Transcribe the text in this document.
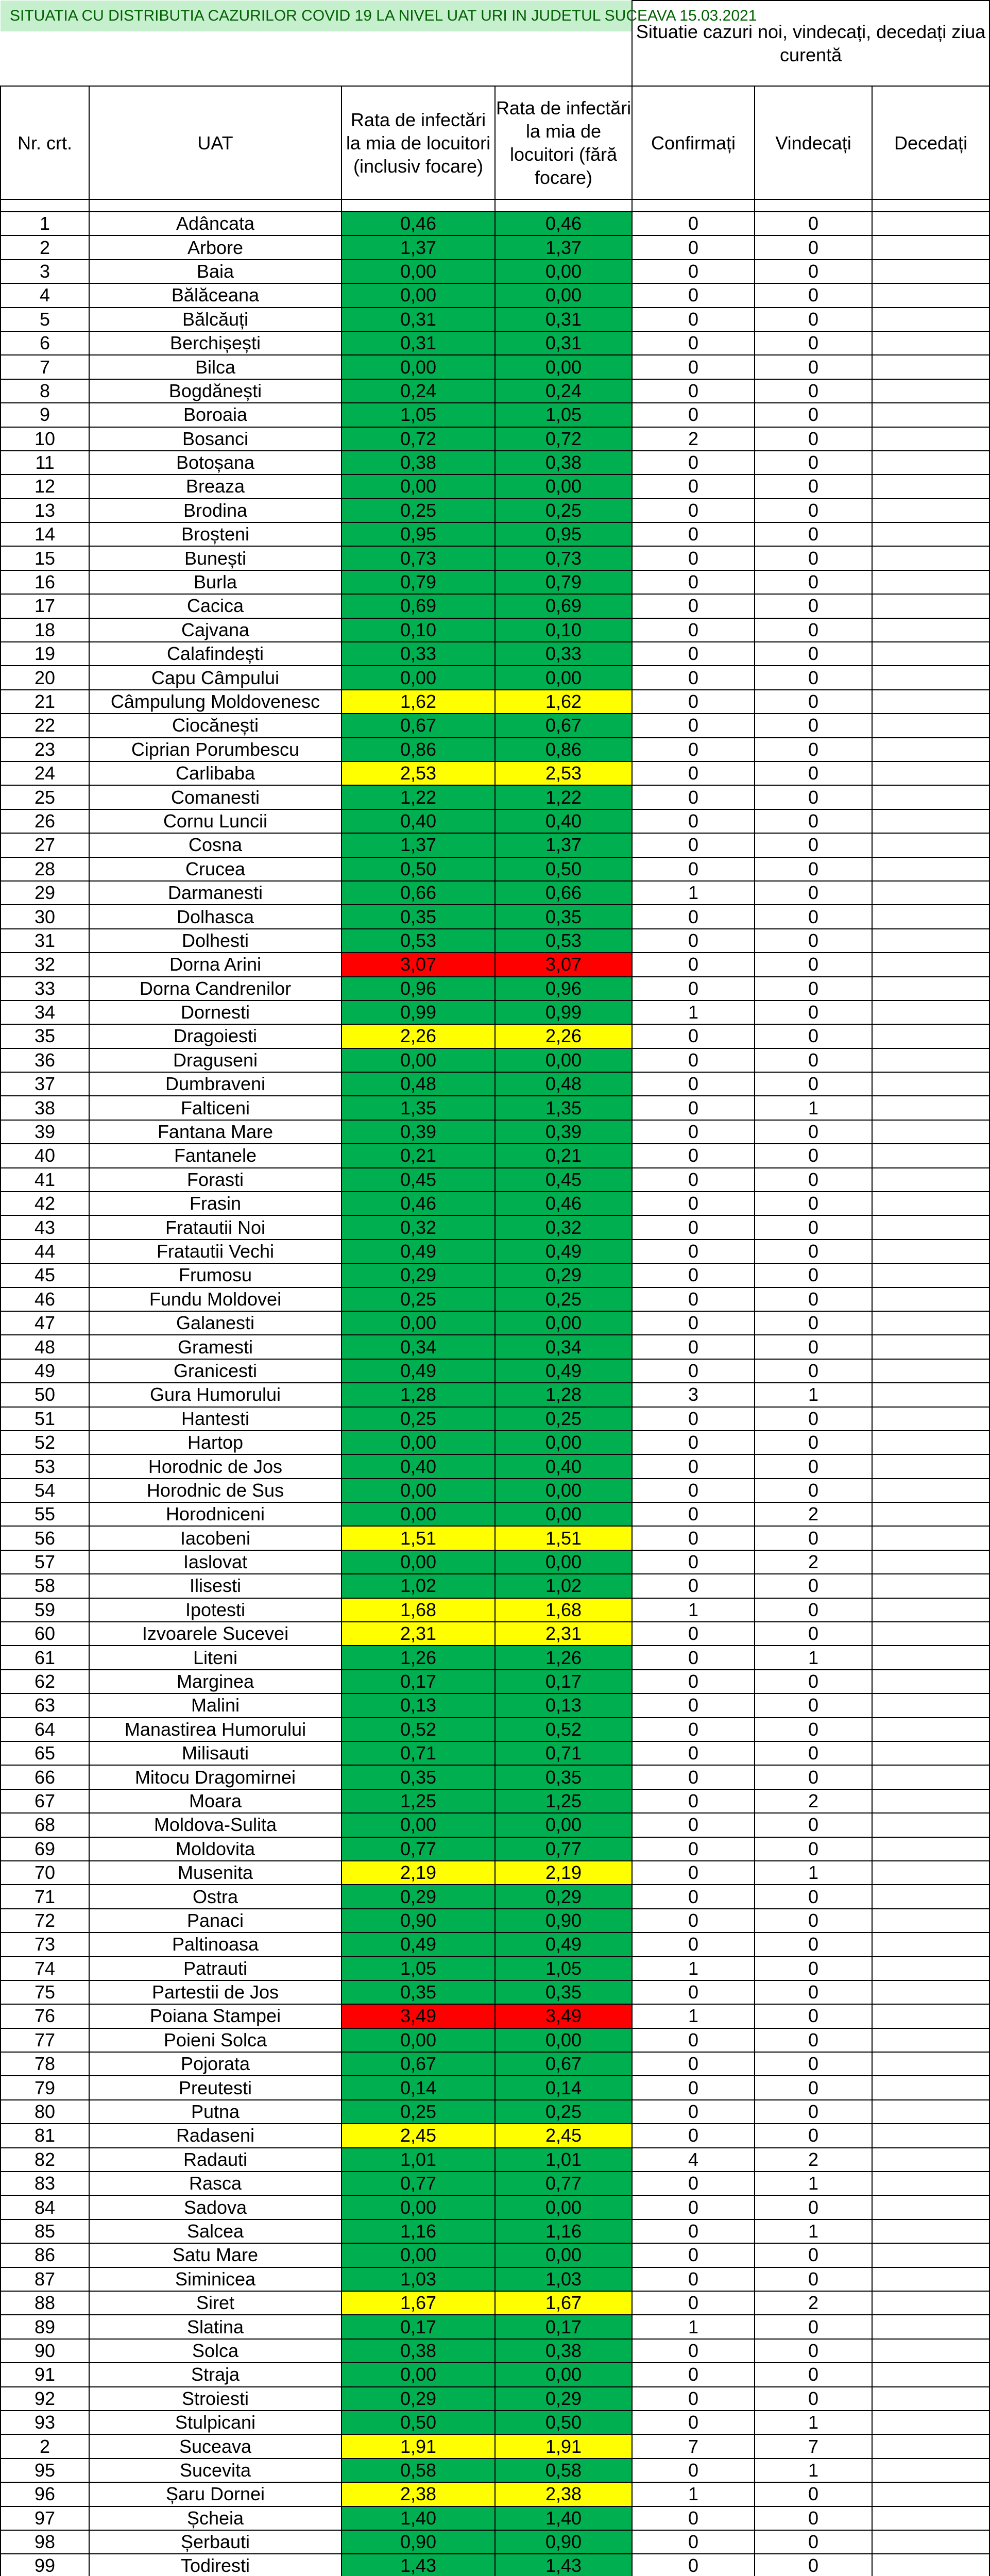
SITUATIA CU DISTRIBUTIA CAZURILOR COVID 19 LA NIVEL UAT URI IN JUDETUL SUCEAVA 15.03.2021				Situatie cazuri noi, vindecați, decedați ziua curentă		

Nr. crt.	UAT	Rata de infectări la mia de locuitori (inclusiv focare)	Rata de infectări la mia de locuitori (fără focare)	Confirmați	Vindecați	Decedați

1	Adâncata	0,46	0,46	0	0	
2	Arbore	1,37	1,37	0	0	
3	Baia	0,00	0,00	0	0	
4	Bălăceana	0,00	0,00	0	0	
5	Bălcăuți	0,31	0,31	0	0	
6	Berchișești	0,31	0,31	0	0	
7	Bilca	0,00	0,00	0	0	
8	Bogdănești	0,24	0,24	0	0	
9	Boroaia	1,05	1,05	0	0	
10	Bosanci	0,72	0,72	2	0	
11	Botoșana	0,38	0,38	0	0	
12	Breaza	0,00	0,00	0	0	
13	Brodina	0,25	0,25	0	0	
14	Broșteni	0,95	0,95	0	0	
15	Bunești	0,73	0,73	0	0	
16	Burla	0,79	0,79	0	0	
17	Cacica	0,69	0,69	0	0	
18	Cajvana	0,10	0,10	0	0	
19	Calafindești	0,33	0,33	0	0	
20	Capu Câmpului	0,00	0,00	0	0	
21	Câmpulung Moldovenesc	1,62	1,62	0	0	
22	Ciocănești	0,67	0,67	0	0	
23	Ciprian Porumbescu	0,86	0,86	0	0	
24	Carlibaba	2,53	2,53	0	0	
25	Comanesti	1,22	1,22	0	0	
26	Cornu Luncii	0,40	0,40	0	0	
27	Cosna	1,37	1,37	0	0	
28	Crucea	0,50	0,50	0	0	
29	Darmanesti	0,66	0,66	1	0	
30	Dolhasca	0,35	0,35	0	0	
31	Dolhesti	0,53	0,53	0	0	
32	Dorna Arini	3,07	3,07	0	0	
33	Dorna Candrenilor	0,96	0,96	0	0	
34	Dornesti	0,99	0,99	1	0	
35	Dragoiesti	2,26	2,26	0	0	
36	Draguseni	0,00	0,00	0	0	
37	Dumbraveni	0,48	0,48	0	0	
38	Falticeni	1,35	1,35	0	1	
39	Fantana Mare	0,39	0,39	0	0	
40	Fantanele	0,21	0,21	0	0	
41	Forasti	0,45	0,45	0	0	
42	Frasin	0,46	0,46	0	0	
43	Fratautii Noi	0,32	0,32	0	0	
44	Fratautii Vechi	0,49	0,49	0	0	
45	Frumosu	0,29	0,29	0	0	
46	Fundu Moldovei	0,25	0,25	0	0	
47	Galanesti	0,00	0,00	0	0	
48	Gramesti	0,34	0,34	0	0	
49	Granicesti	0,49	0,49	0	0	
50	Gura Humorului	1,28	1,28	3	1	
51	Hantesti	0,25	0,25	0	0	
52	Hartop	0,00	0,00	0	0	
53	Horodnic de Jos	0,40	0,40	0	0	
54	Horodnic de Sus	0,00	0,00	0	0	
55	Horodniceni	0,00	0,00	0	2	
56	Iacobeni	1,51	1,51	0	0	
57	Iaslovat	0,00	0,00	0	2	
58	Ilisesti	1,02	1,02	0	0	
59	Ipotesti	1,68	1,68	1	0	
60	Izvoarele Sucevei	2,31	2,31	0	0	
61	Liteni	1,26	1,26	0	1	
62	Marginea	0,17	0,17	0	0	
63	Malini	0,13	0,13	0	0	
64	Manastirea Humorului	0,52	0,52	0	0	
65	Milisauti	0,71	0,71	0	0	
66	Mitocu Dragomirnei	0,35	0,35	0	0	
67	Moara	1,25	1,25	0	2	
68	Moldova-Sulita	0,00	0,00	0	0	
69	Moldovita	0,77	0,77	0	0	
70	Musenita	2,19	2,19	0	1	
71	Ostra	0,29	0,29	0	0	
72	Panaci	0,90	0,90	0	0	
73	Paltinoasa	0,49	0,49	0	0	
74	Patrauti	1,05	1,05	1	0	
75	Partestii de Jos	0,35	0,35	0	0	
76	Poiana Stampei	3,49	3,49	1	0	
77	Poieni Solca	0,00	0,00	0	0	
78	Pojorata	0,67	0,67	0	0	
79	Preutesti	0,14	0,14	0	0	
80	Putna	0,25	0,25	0	0	
81	Radaseni	2,45	2,45	0	0	
82	Radauti	1,01	1,01	4	2	
83	Rasca	0,77	0,77	0	1	
84	Sadova	0,00	0,00	0	0	
85	Salcea	1,16	1,16	0	1	
86	Satu Mare	0,00	0,00	0	0	
87	Siminicea	1,03	1,03	0	0	
88	Siret	1,67	1,67	0	2	
89	Slatina	0,17	0,17	1	0	
90	Solca	0,38	0,38	0	0	
91	Straja	0,00	0,00	0	0	
92	Stroiesti	0,29	0,29	0	0	
93	Stulpicani	0,50	0,50	0	1	
2	Suceava	1,91	1,91	7	7	
95	Sucevita	0,58	0,58	0	1	
96	Șaru Dornei	2,38	2,38	1	0	
97	Șcheia	1,40	1,40	0	0	
98	Șerbauti	0,90	0,90	0	0	
99	Todiresti	1,43	1,43	0	0	
